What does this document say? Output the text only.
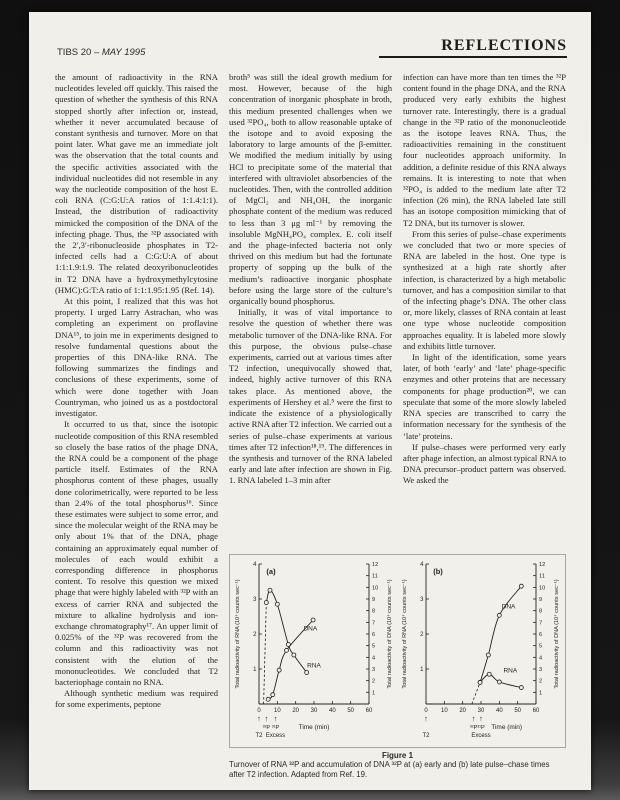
TIBS 20 – MAY 1995	REFLECTIONS

the amount of radioactivity in the RNA nucleotides leveled off quickly. This raised the question of whether the synthesis of this RNA stopped shortly after infection or, instead, whether it never accumulated because of constant synthesis and turnover. More on that point later. What gave me an immediate jolt was the observation that the total counts and the specific activities associated with the individual nucleotides did not resemble in any way the nucleotide composition of the host E. coli RNA (C:G:U:A ratios of 1:1.4:1:1). Instead, the distribution of radioactivity mimicked the composition of the DNA of the infecting phage. Thus, the ³²P associated with the 2′,3′-ribonucleoside phosphates in T2-infected cells had a C:G:U:A of about 1:1:1.9:1.9. The related deoxyribonucleotides in T2 DNA have a hydroxymethylcytosine (HMC):G:T:A ratio of 1:1:1.95:1.95 (Ref. 14).

At this point, I realized that this was hot property. I urged Larry Astrachan, who was completing an experiment on proflavine DNA¹⁵, to join me in experiments designed to resolve fundamental questions about the properties of this DNA-like RNA. The following summarizes the findings and conclusions of these experiments, some of which were done together with Joan Countryman, who joined us as a postdoctoral investigator.

It occurred to us that, since the isotopic nucleotide composition of this RNA resembled so closely the base ratios of the phage DNA, the RNA could be a component of the phage particle itself. Estimates of the RNA phosphorus content of these phages, usually done colorimetrically, were reported to be less than 2.4% of the total phosphorus¹⁶. Since these estimates were subject to some error, and since the molecular weight of the RNA may be only about 1% that of the DNA, phage containing an approximately equal number of molecules of each would exhibit a corresponding difference in phosphorus content. To resolve this question we mixed phage that were highly labeled with ³²P with an excess of carrier RNA and subjected the mixture to alkaline hydrolysis and ion-exchange chromatography¹⁷. An upper limit of 0.025% of the ³²P was recovered from the column and this radioactivity was not consistent with the elution of the mononucleotides. We concluded that T2 bacteriophage contain no RNA.

Although synthetic medium was required for some experiments, peptone

broth⁵ was still the ideal growth medium for most. However, because of the high concentration of inorganic phosphate in broth, this medium presented challenges when we used ³²PO₄, both to allow reasonable uptake of the isotope and to avoid exposing the laboratory to large amounts of the β-emitter. We modified the medium initially by using HCl to precipitate some of the material that interfered with ultraviolet absorbencies of the nucleotides. Then, with the controlled addition of MgCl₂ and NH₄OH, the inorganic phosphate content of the medium was reduced to less than 3 μg ml⁻¹ by removing the insoluble MgNH₄PO₄ complex. E. coli itself and the phage-infected bacteria not only thrived on this medium but had the fortunate property of sopping up the bulk of the medium’s radioactive inorganic phosphate before using the large store of the culture’s organically bound phosphorus.

Initially, it was of vital importance to resolve the question of whether there was metabolic turnover of the DNA-like RNA. For this purpose, the obvious pulse–chase experiments, carried out at various times after T2 infection, unequivocally showed that, indeed, highly active turnover of this RNA takes place. As mentioned above, the experiments of Hershey et al.⁵ were the first to indicate the existence of a physiologically active RNA after T2 infection. We carried out a series of pulse–chase experiments at various times after T2 infection¹⁸,¹⁹. The differences in the synthesis and turnover of the RNA labeled early and late after infection are shown in Fig. 1. RNA labeled 1–3 min after

infection can have more than ten times the ³²P content found in the phage DNA, and the RNA produced very early exhibits the highest turnover rate. Interestingly, there is a gradual change in the ³²P ratio of the mononucleotide as the isotope leaves RNA. Thus, the radioactivities remaining in the constituent four nucleotides approach uniformity. In addition, a definite residue of this RNA always remains. It is interesting to note that when ³²PO₄ is added to the medium late after T2 infection (26 min), the RNA labeled late still has an isotope composition mimicking that of T2 DNA, but its turnover is slower.

From this series of pulse–chase experiments we concluded that two or more species of RNA are labeled in the host. One type is synthesized at a high rate shortly after infection, is characterized by a high metabolic turnover, and has a composition similar to that of the infecting phage’s DNA. The other class or, more likely, classes of RNA contain at least one type whose nucleotide composition approaches equality. It is labeled more slowly and exhibits little turnover.

In light of the identification, some years later, of both ‘early’ and ‘late’ phage-specific enzymes and other proteins that are necessary components for phage production²⁰, we can speculate that some of the more slowly labeled RNA species are transcribed to carry the information necessary for the synthesis of the ‘late’ proteins.

If pulse–chases were performed very early after phage infection, an almost typical RNA to DNA precursor–product pattern was observed. We asked the

1
2
3
4
1
2
3
4
5
6
7
8
9
10
11
12
0 10 20 30 40 50 60
Total radioactivity of RNA (10⁴ counts sec⁻¹)	Total radioactivity of DNA (10⁴ counts sec⁻¹)
(a)
RNA
DNA
↑
T2
↑
³²P
↑
³¹P
Excess
Time (min)
1
2
3
4
1
2
3
4
5
6
7
8
9
10
11
12
0 10 20 30 40 50 60
Total radioactivity of RNA (10⁴ counts sec⁻¹)	Total radioactivity of DNA (10⁴ counts sec⁻¹)
(b)
RNA
DNA
↑
T2
↑
³²P
↑
³¹P
Excess
Time (min)
Figure 1
Turnover of RNA ³²P and accumulation of DNA ³²P at (a) early and (b) late pulse–chase times after T2 infection. Adapted from Ref. 19.
